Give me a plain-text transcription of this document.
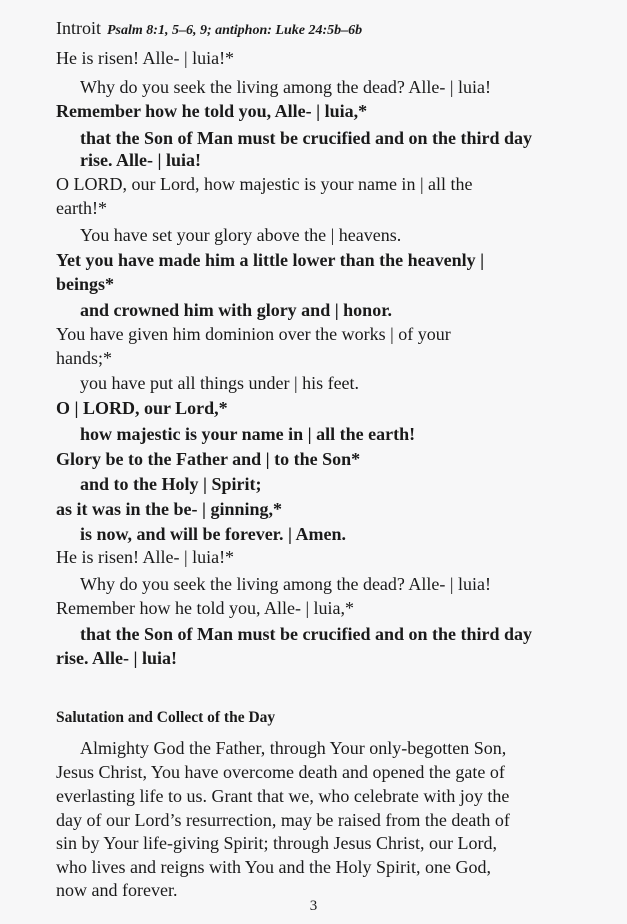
Introit Psalm 8:1, 5–6, 9; antiphon: Luke 24:5b–6b
He is risen! Alle- | luia!*
Why do you seek the living among the dead? Alle- | luia!
Remember how he told you, Alle- | luia,*
that the Son of Man must be crucified and on the third day
rise. Alle- | luia!
O LORD, our Lord, how majestic is your name in | all the
earth!*
You have set your glory above the | heavens.
Yet you have made him a little lower than the heavenly |
beings*
and crowned him with glory and | honor.
You have given him dominion over the works | of your
hands;*
you have put all things under | his feet.
O | LORD, our Lord,*
how majestic is your name in | all the earth!
Glory be to the Father and | to the Son*
and to the Holy | Spirit;
as it was in the be- | ginning,*
is now, and will be forever. | Amen.
He is risen! Alle- | luia!*
Why do you seek the living among the dead? Alle- | luia!
Remember how he told you, Alle- | luia,*
that the Son of Man must be crucified and on the third day
rise. Alle- | luia!
Salutation and Collect of the Day
Almighty God the Father, through Your only-begotten Son,
Jesus Christ, You have overcome death and opened the gate of
everlasting life to us. Grant that we, who celebrate with joy the
day of our Lord’s resurrection, may be raised from the death of
sin by Your life-giving Spirit; through Jesus Christ, our Lord,
who lives and reigns with You and the Holy Spirit, one God,
now and forever.
3
